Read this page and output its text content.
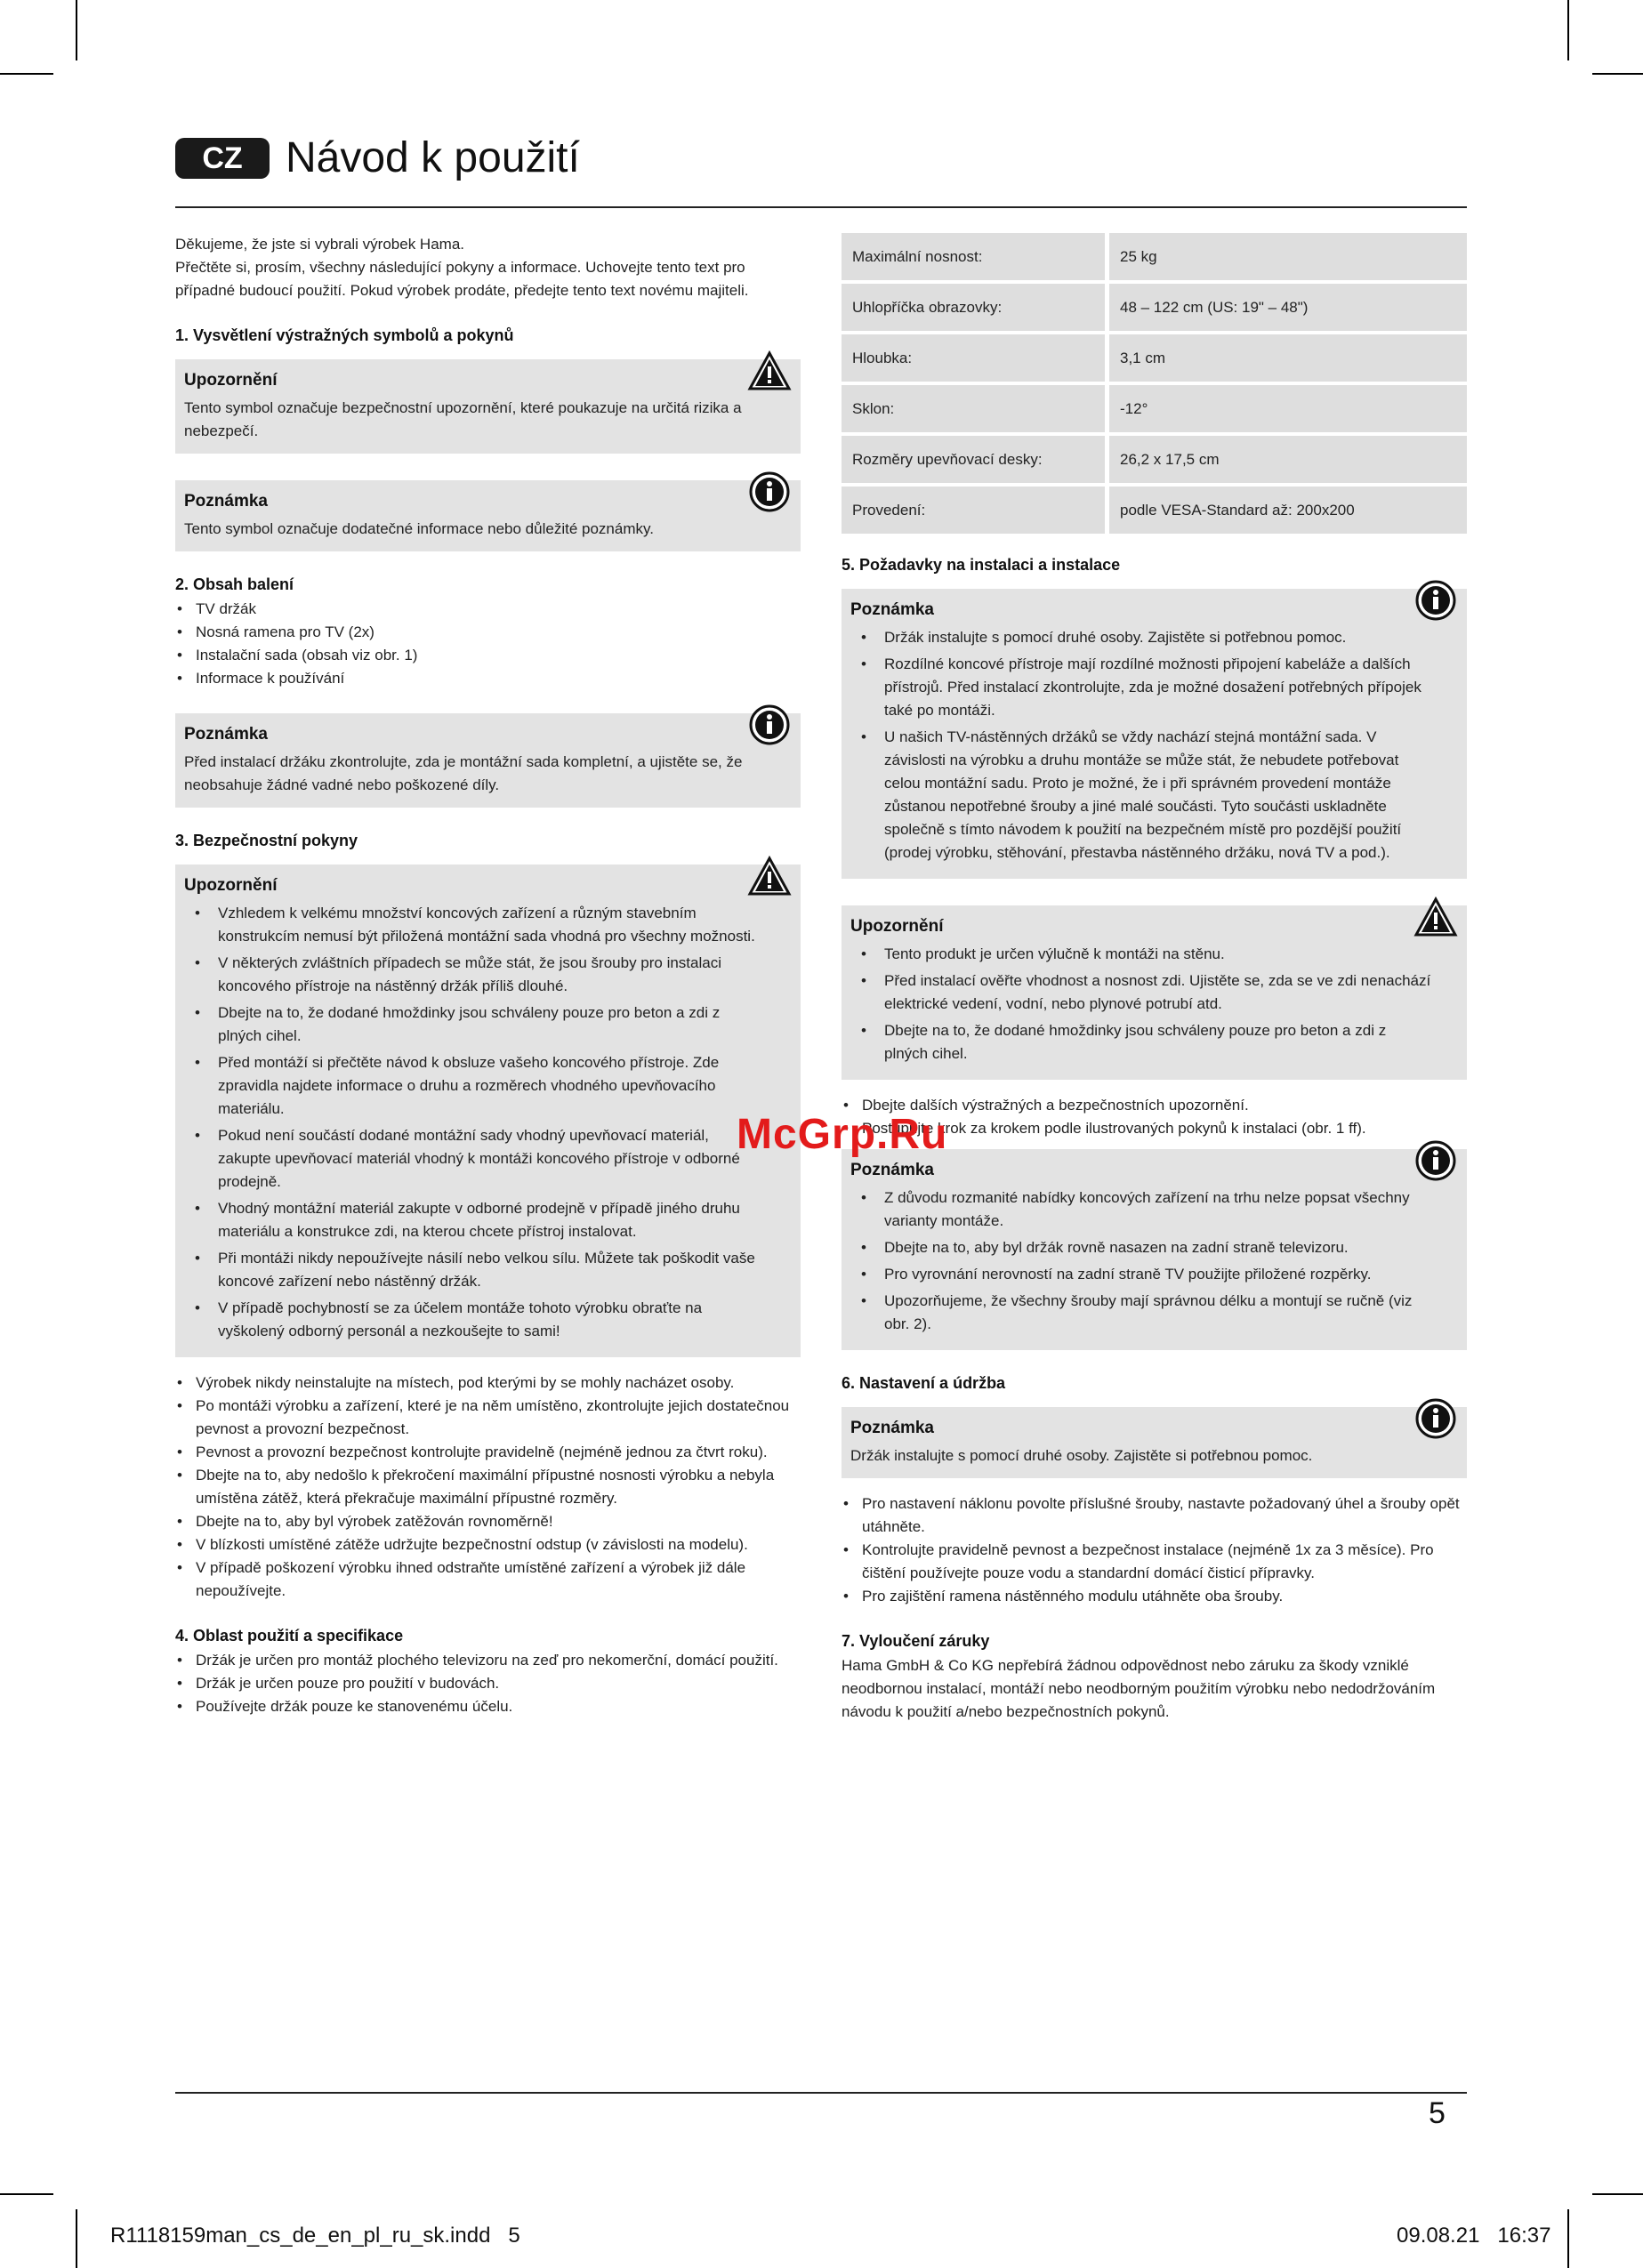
CZ	Návod k použití

Děkujeme, že jste si vybrali výrobek Hama.

Přečtěte si, prosím, všechny následující pokyny a informace. Uchovejte tento text pro případné budoucí použití. Pokud výrobek prodáte, předejte tento text novému majiteli.

1. Vysvětlení výstražných symbolů a pokynů
Upozornění
Tento symbol označuje bezpečnostní upozornění, které poukazuje na určitá rizika a nebezpečí.
Poznámka
Tento symbol označuje dodatečné informace nebo důležité poznámky.
2. Obsah balení
• TV držák
• Nosná ramena pro TV (2x)
• Instalační sada (obsah viz obr. 1)
• Informace k používání
Poznámka
Před instalací držáku zkontrolujte, zda je montážní sada kompletní, a ujistěte se, že neobsahuje žádné vadné nebo poškozené díly.
3. Bezpečnostní pokyny
Upozornění
• Vzhledem k velkému množství koncových zařízení a různým stavebním konstrukcím nemusí být přiložená montážní sada vhodná pro všechny možnosti.
• V některých zvláštních případech se může stát, že jsou šrouby pro instalaci koncového přístroje na nástěnný držák příliš dlouhé.
• Dbejte na to, že dodané hmoždinky jsou schváleny pouze pro beton a zdi z plných cihel.
• Před montáží si přečtěte návod k obsluze vašeho koncového přístroje. Zde zpravidla najdete informace o druhu a rozměrech vhodného upevňovacího materiálu.
• Pokud není součástí dodané montážní sady vhodný upevňovací materiál, zakupte upevňovací materiál vhodný k montáži koncového přístroje v odborné prodejně.
• Vhodný montážní materiál zakupte v odborné prodejně v případě jiného druhu materiálu a konstrukce zdi, na kterou chcete přístroj instalovat.
• Při montáži nikdy nepoužívejte násilí nebo velkou sílu. Můžete tak poškodit vaše koncové zařízení nebo nástěnný držák.
• V případě pochybností se za účelem montáže tohoto výrobku obraťte na vyškolený odborný personál a nezkoušejte to sami!
• Výrobek nikdy neinstalujte na místech, pod kterými by se mohly nacházet osoby.
• Po montáži výrobku a zařízení, které je na něm umístěno, zkontrolujte jejich dostatečnou pevnost a provozní bezpečnost.
• Pevnost a provozní bezpečnost kontrolujte pravidelně (nejméně jednou za čtvrt roku).
• Dbejte na to, aby nedošlo k překročení maximální přípustné nosnosti výrobku a nebyla umístěna zátěž, která překračuje maximální přípustné rozměry.
• Dbejte na to, aby byl výrobek zatěžován rovnoměrně!
• V blízkosti umístěné zátěže udržujte bezpečnostní odstup (v závislosti na modelu).
• V případě poškození výrobku ihned odstraňte umístěné zařízení a výrobek již dále nepoužívejte.
4. Oblast použití a specifikace
• Držák je určen pro montáž plochého televizoru na zeď pro nekomerční, domácí použití.
• Držák je určen pouze pro použití v budovách.
• Používejte držák pouze ke stanovenému účelu.
Maximální nosnost:	25 kg
Uhlopříčka obrazovky:	48 – 122 cm (US: 19" – 48")
Hloubka:	3,1 cm
Sklon:	-12°
Rozměry upevňovací desky:	26,2 x 17,5 cm
Provedení:	podle VESA-Standard až: 200x200
5. Požadavky na instalaci a instalace
Poznámka
• Držák instalujte s pomocí druhé osoby. Zajistěte si potřebnou pomoc.
• Rozdílné koncové přístroje mají rozdílné možnosti připojení kabeláže a dalších přístrojů. Před instalací zkontrolujte, zda je možné dosažení potřebných přípojek také po montáži.
• U našich TV-nástěnných držáků se vždy nachází stejná montážní sada. V závislosti na výrobku a druhu montáže se může stát, že nebudete potřebovat celou montážní sadu. Proto je možné, že i při správném provedení montáže zůstanou nepotřebné šrouby a jiné malé součásti. Tyto součásti uskladněte společně s tímto návodem k použití na bezpečném místě pro pozdější použití (prodej výrobku, stěhování, přestavba nástěnného držáku, nová TV a pod.).
Upozornění
• Tento produkt je určen výlučně k montáži na stěnu.
• Před instalací ověřte vhodnost a nosnost zdi. Ujistěte se, zda se ve zdi nenachází elektrické vedení, vodní, nebo plynové potrubí atd.
• Dbejte na to, že dodané hmoždinky jsou schváleny pouze pro beton a zdi z plných cihel.
• Dbejte dalších výstražných a bezpečnostních upozornění.
• Postupujte krok za krokem podle ilustrovaných pokynů k instalaci (obr. 1 ff).
Poznámka
• Z důvodu rozmanité nabídky koncových zařízení na trhu nelze popsat všechny varianty montáže.
• Dbejte na to, aby byl držák rovně nasazen na zadní straně televizoru.
• Pro vyrovnání nerovností na zadní straně TV použijte přiložené rozpěrky.
• Upozorňujeme, že všechny šrouby mají správnou délku a montují se ručně (viz obr. 2).
6. Nastavení a údržba
Poznámka
Držák instalujte s pomocí druhé osoby. Zajistěte si potřebnou pomoc.
• Pro nastavení náklonu povolte příslušné šrouby, nastavte požadovaný úhel a šrouby opět utáhněte.
• Kontrolujte pravidelně pevnost a bezpečnost instalace (nejméně 1x za 3 měsíce). Pro čištění používejte pouze vodu a standardní domácí čisticí přípravky.
• Pro zajištění ramena nástěnného modulu utáhněte oba šrouby.
7. Vyloučení záruky

Hama GmbH & Co KG nepřebírá žádnou odpovědnost nebo záruku za škody vzniklé neodbornou instalací, montáží nebo neodborným použitím výrobku nebo nedodržováním návodu k použití a/nebo bezpečnostních pokynů.

McGrp.Ru
5
R1118159man_cs_de_en_pl_ru_sk.indd   5	09.08.21   16:37
